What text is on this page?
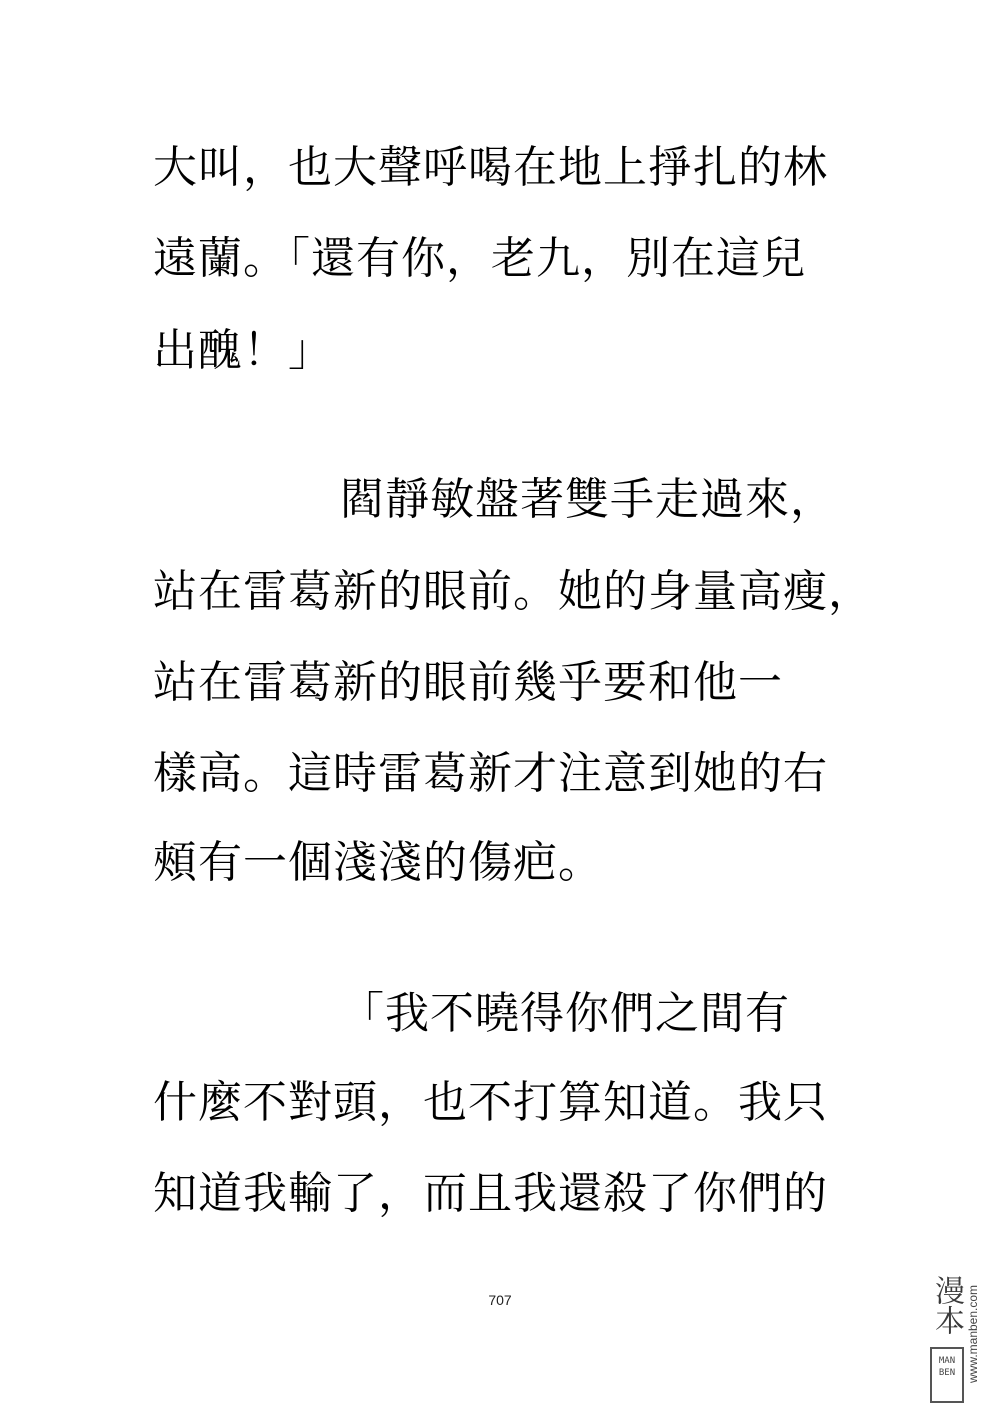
大叫，也大聲呼喝在地上掙扎的林
遠蘭。「還有你，老九，別在這兒
出醜！」
閻靜敏盤著雙手走過來，
站在雷葛新的眼前。她的身量高瘦，
站在雷葛新的眼前幾乎要和他一
樣高。這時雷葛新才注意到她的右
頰有一個淺淺的傷疤。
「我不曉得你們之間有
什麼不對頭，也不打算知道。我只
知道我輸了，而且我還殺了你們的
707	漫本
MAN BEN www.manben.com
